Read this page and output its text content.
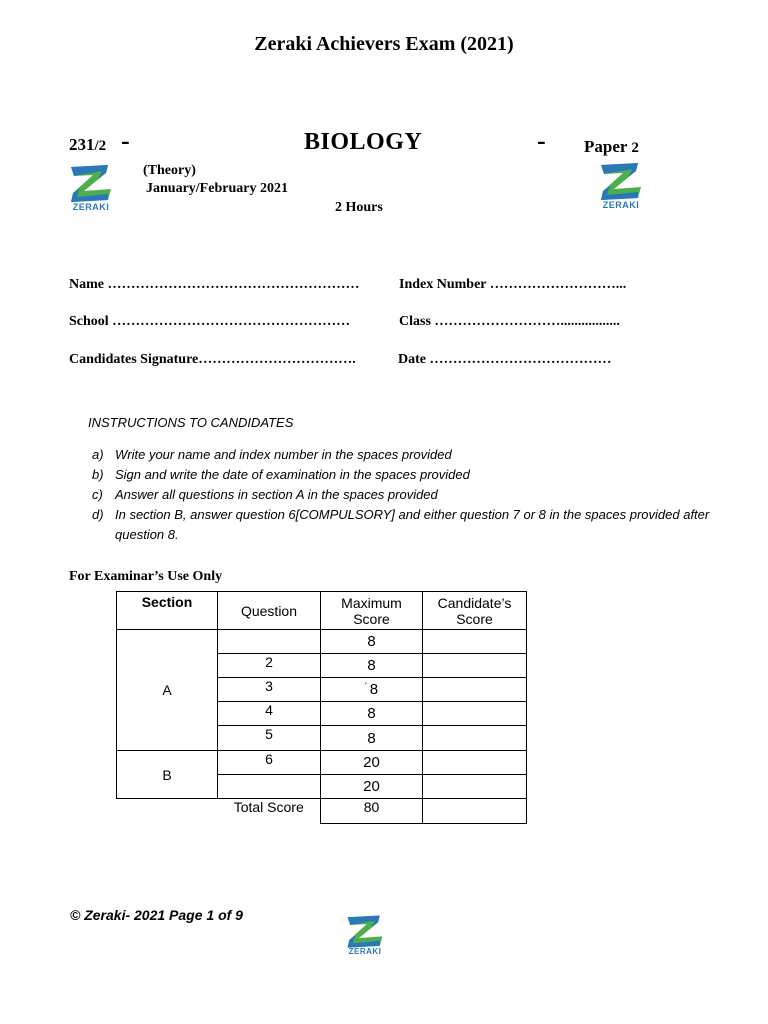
Zeraki Achievers Exam (2021)
231/2 -	BIOLOGY	- Paper 2
ZERAKI	ZERAKI
(Theory)
January/February 2021
2 Hours
Name ………………………………………………	Index Number ………………………...
School ……………………………………………	Class ……………………….................
Candidates Signature…………………………….	Date …………………………………
INSTRUCTIONS TO CANDIDATES
a) Write your name and index number in the spaces provided
b) Sign and write the date of examination in the spaces provided
c) Answer all questions in section A in the spaces provided
d) In section B, answer question 6[COMPULSORY] and either question 7 or 8 in the spaces provided after question 8.
For Examinar’s Use Only
Section	Question	Maximum Score	Candidate’s Score
A		8	
	2	8	
	3	' 8	
	4	8	
	5	8	
B	6	20	
		20	
	Total Score	80	
© Zeraki- 2021 Page 1 of 9
ZERAKI
